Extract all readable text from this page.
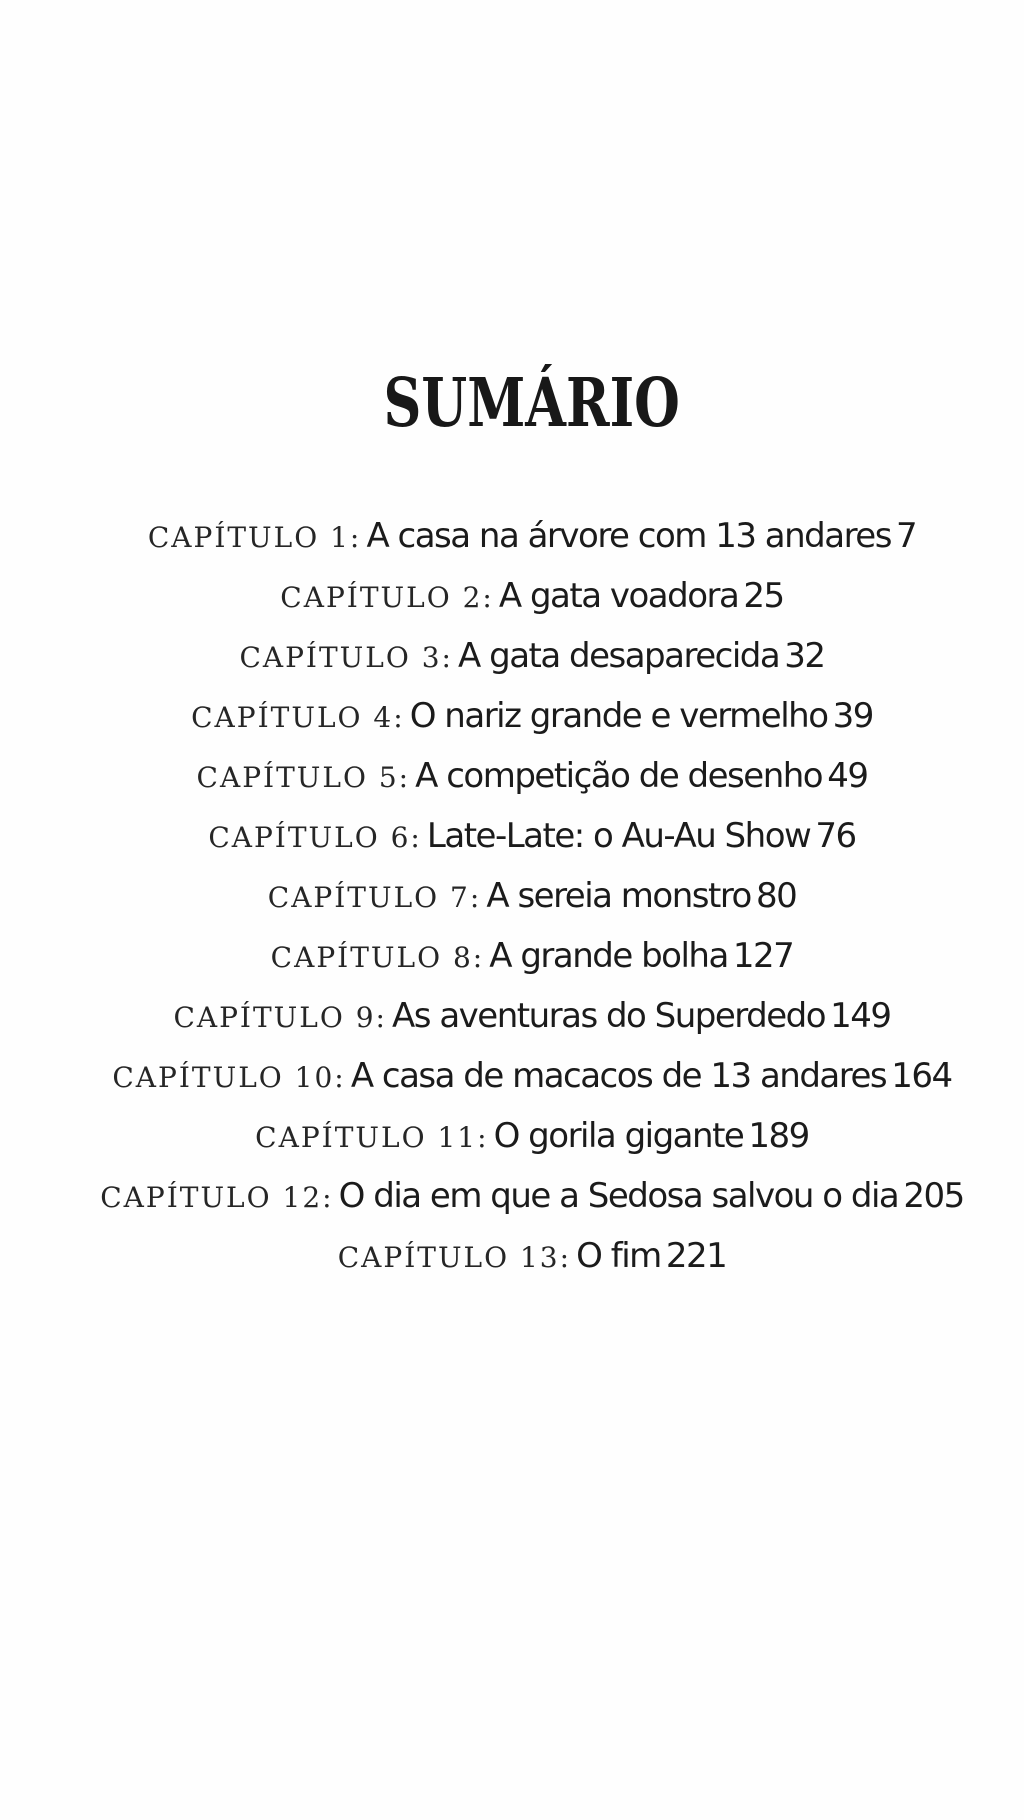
SUMÁRIO
CAPÍTULO 1: A casa na árvore com 13 andares 7
CAPÍTULO 2: A gata voadora 25
CAPÍTULO 3: A gata desaparecida 32
CAPÍTULO 4: O nariz grande e vermelho 39
CAPÍTULO 5: A competição de desenho 49
CAPÍTULO 6: Late-Late: o Au-Au Show 76
CAPÍTULO 7: A sereia monstro 80
CAPÍTULO 8: A grande bolha 127
CAPÍTULO 9: As aventuras do Superdedo 149
CAPÍTULO 10: A casa de macacos de 13 andares 164
CAPÍTULO 11: O gorila gigante 189
CAPÍTULO 12: O dia em que a Sedosa salvou o dia 205
CAPÍTULO 13: O fim 221
